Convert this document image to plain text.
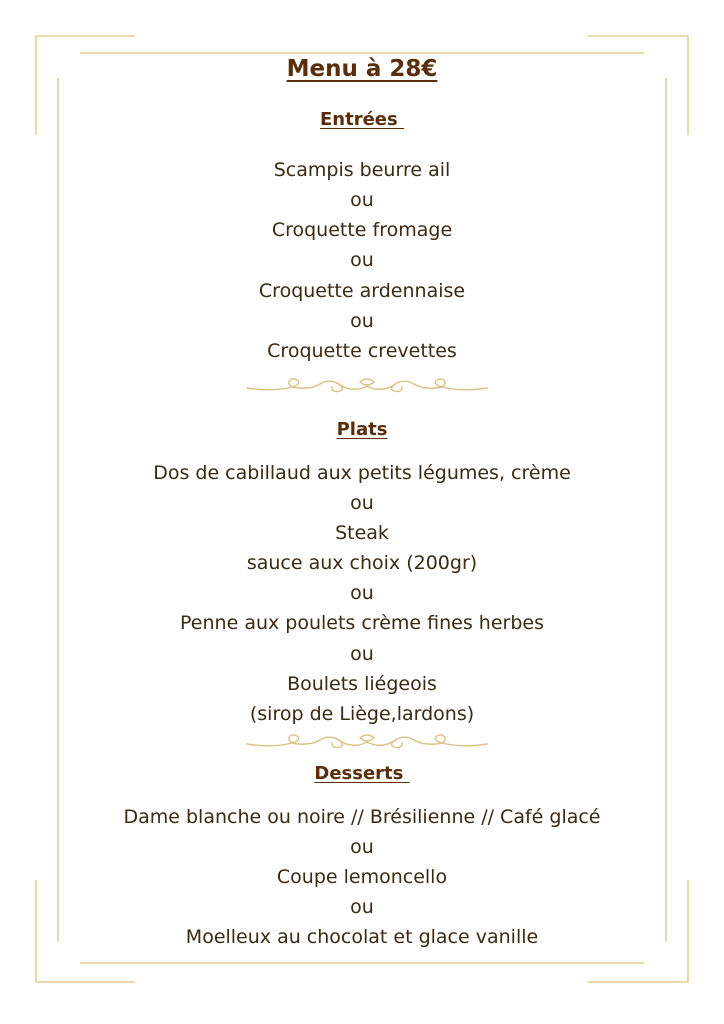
Menu à 28€
Entrées
Scampis beurre ail
ou
Croquette fromage
ou
Croquette ardennaise
ou
Croquette crevettes
Plats
Dos de cabillaud aux petits légumes, crème
ou
Steak
sauce aux choix (200gr)
ou
Penne aux poulets crème fines herbes
ou
Boulets liégeois
(sirop de Liège,lardons)
Desserts
Dame blanche ou noire // Brésilienne // Café glacé
ou
Coupe lemoncello
ou
Moelleux au chocolat et glace vanille
